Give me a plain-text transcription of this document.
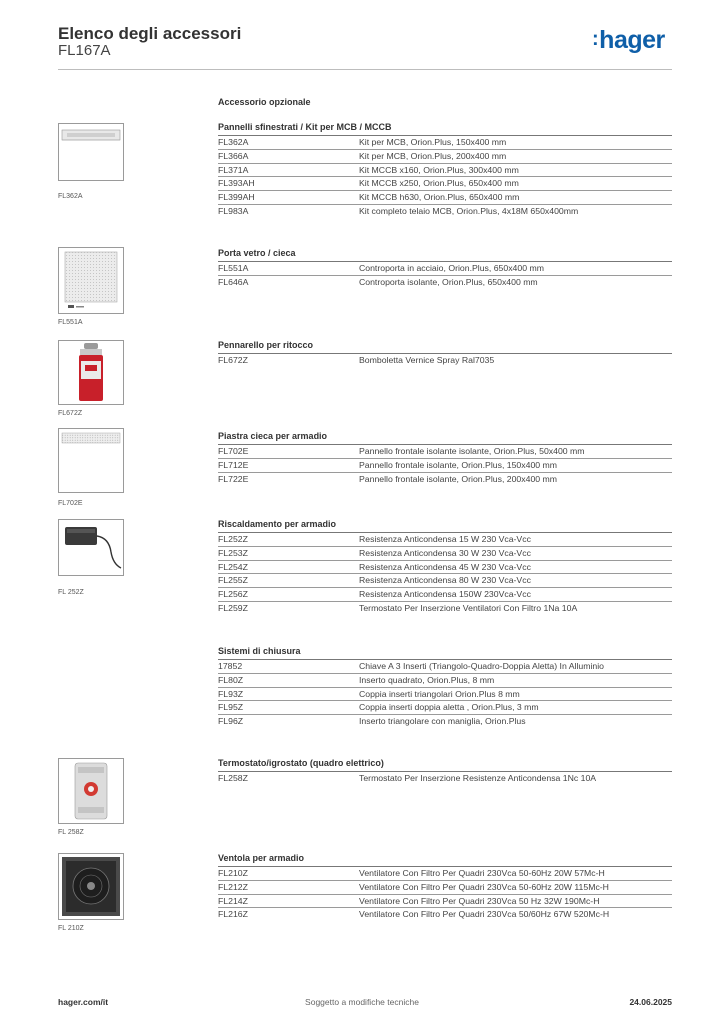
Elenco degli accessori
FL167A
:hager
Accessorio opzionale
FL362A
Pannelli sfinestrati / Kit per MCB / MCCB
FL362A	Kit per MCB, Orion.Plus, 150x400 mm
FL366A	Kit per MCB, Orion.Plus, 200x400 mm
FL371A	Kit MCCB x160, Orion.Plus, 300x400 mm
FL393AH	Kit MCCB x250, Orion.Plus, 650x400 mm
FL399AH	Kit MCCB h630, Orion.Plus, 650x400 mm
FL983A	Kit completo telaio MCB, Orion.Plus, 4x18M 650x400mm
FL551A
Porta vetro / cieca
FL551A	Controporta in acciaio, Orion.Plus, 650x400 mm
FL646A	Controporta isolante, Orion.Plus, 650x400 mm
FL672Z
Pennarello per ritocco
FL672Z	Bomboletta Vernice Spray Ral7035
FL702E
Piastra cieca per armadio
FL702E	Pannello frontale isolante isolante, Orion.Plus, 50x400 mm
FL712E	Pannello frontale isolante, Orion.Plus, 150x400 mm
FL722E	Pannello frontale isolante, Orion.Plus, 200x400 mm
FL 252Z
Riscaldamento per armadio
FL252Z	Resistenza Anticondensa 15 W 230 Vca-Vcc
FL253Z	Resistenza Anticondensa 30 W 230 Vca-Vcc
FL254Z	Resistenza Anticondensa 45 W 230 Vca-Vcc
FL255Z	Resistenza Anticondensa 80 W 230 Vca-Vcc
FL256Z	Resistenza Anticondensa 150W 230Vca-Vcc
FL259Z	Termostato Per Inserzione Ventilatori Con Filtro 1Na 10A
Sistemi di chiusura
17852	Chiave A 3 Inserti (Triangolo-Quadro-Doppia Aletta) In Alluminio
FL80Z	Inserto quadrato, Orion.Plus, 8 mm
FL93Z	Coppia inserti triangolari Orion.Plus 8 mm
FL95Z	Coppia inserti doppia aletta , Orion.Plus, 3 mm
FL96Z	Inserto triangolare con maniglia, Orion.Plus
FL 258Z
Termostato/igrostato (quadro elettrico)
FL258Z	Termostato Per Inserzione Resistenze Anticondensa 1Nc 10A
FL 210Z
Ventola per armadio
FL210Z	Ventilatore Con Filtro Per Quadri 230Vca 50-60Hz 20W 57Mc-H
FL212Z	Ventilatore Con Filtro Per Quadri 230Vca 50-60Hz 20W 115Mc-H
FL214Z	Ventilatore Con Filtro Per Quadri 230Vca 50 Hz 32W 190Mc-H
FL216Z	Ventilatore Con Filtro Per Quadri 230Vca 50/60Hz 67W 520Mc-H
hager.com/it	Soggetto a modifiche tecniche	24.06.2025
